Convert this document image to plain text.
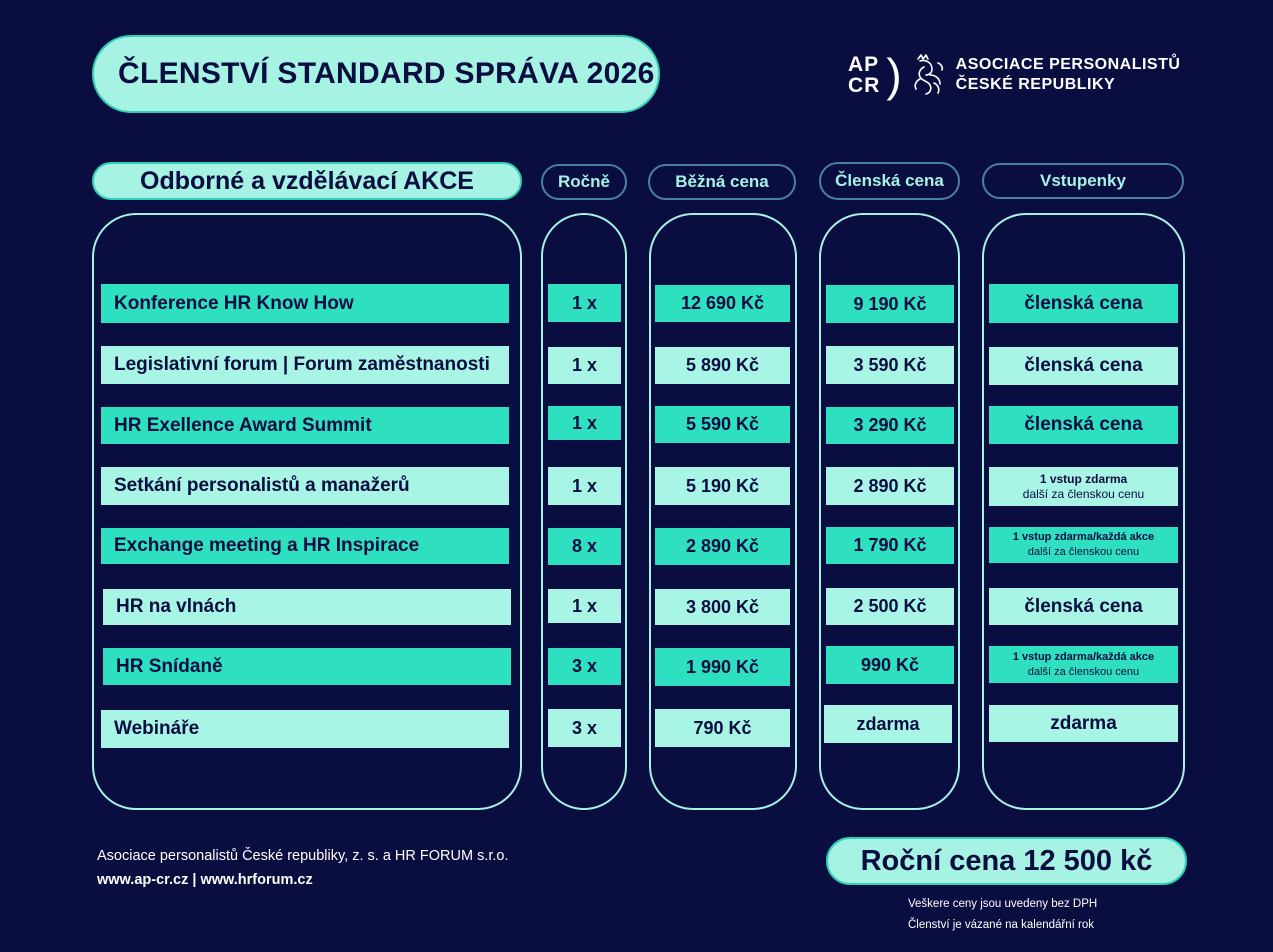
ČLENSTVÍ STANDARD SPRÁVA 2026	AP
CR )	ASOCIACE PERSONALISTŮ
ČESKÉ REPUBLIKY
Odborné a vzdělávací AKCE	Ročně	Běžná cena	Členská cena	Vstupenky
Konference HR Know How	1 x	12 690 Kč	9 190 Kč	členská cena
Legislativní forum | Forum zaměstnanosti	1 x	5 890 Kč	3 590 Kč	členská cena
HR Exellence Award Summit	1 x	5 590 Kč	3 290 Kč	členská cena
Setkání personalistů a manažerů	1 x	5 190 Kč	2 890 Kč	1 vstup zdarma
další za členskou cenu
Exchange meeting a HR Inspirace	8 x	2 890 Kč	1 790 Kč	1 vstup zdarma/každá akce
další za členskou cenu
HR na vlnách	1 x	3 800 Kč	2 500 Kč	členská cena
HR Snídaně	3 x	1 990 Kč	990 Kč	1 vstup zdarma/každá akce
další za členskou cenu
Webináře	3 x	790 Kč	zdarma	zdarma
Asociace personalistů České republiky, z. s. a HR FORUM s.r.o.
www.ap-cr.cz | www.hrforum.cz
Roční cena 12 500 kč
Veškere ceny jsou uvedeny bez DPH
Členství je vázané na kalendářní rok
